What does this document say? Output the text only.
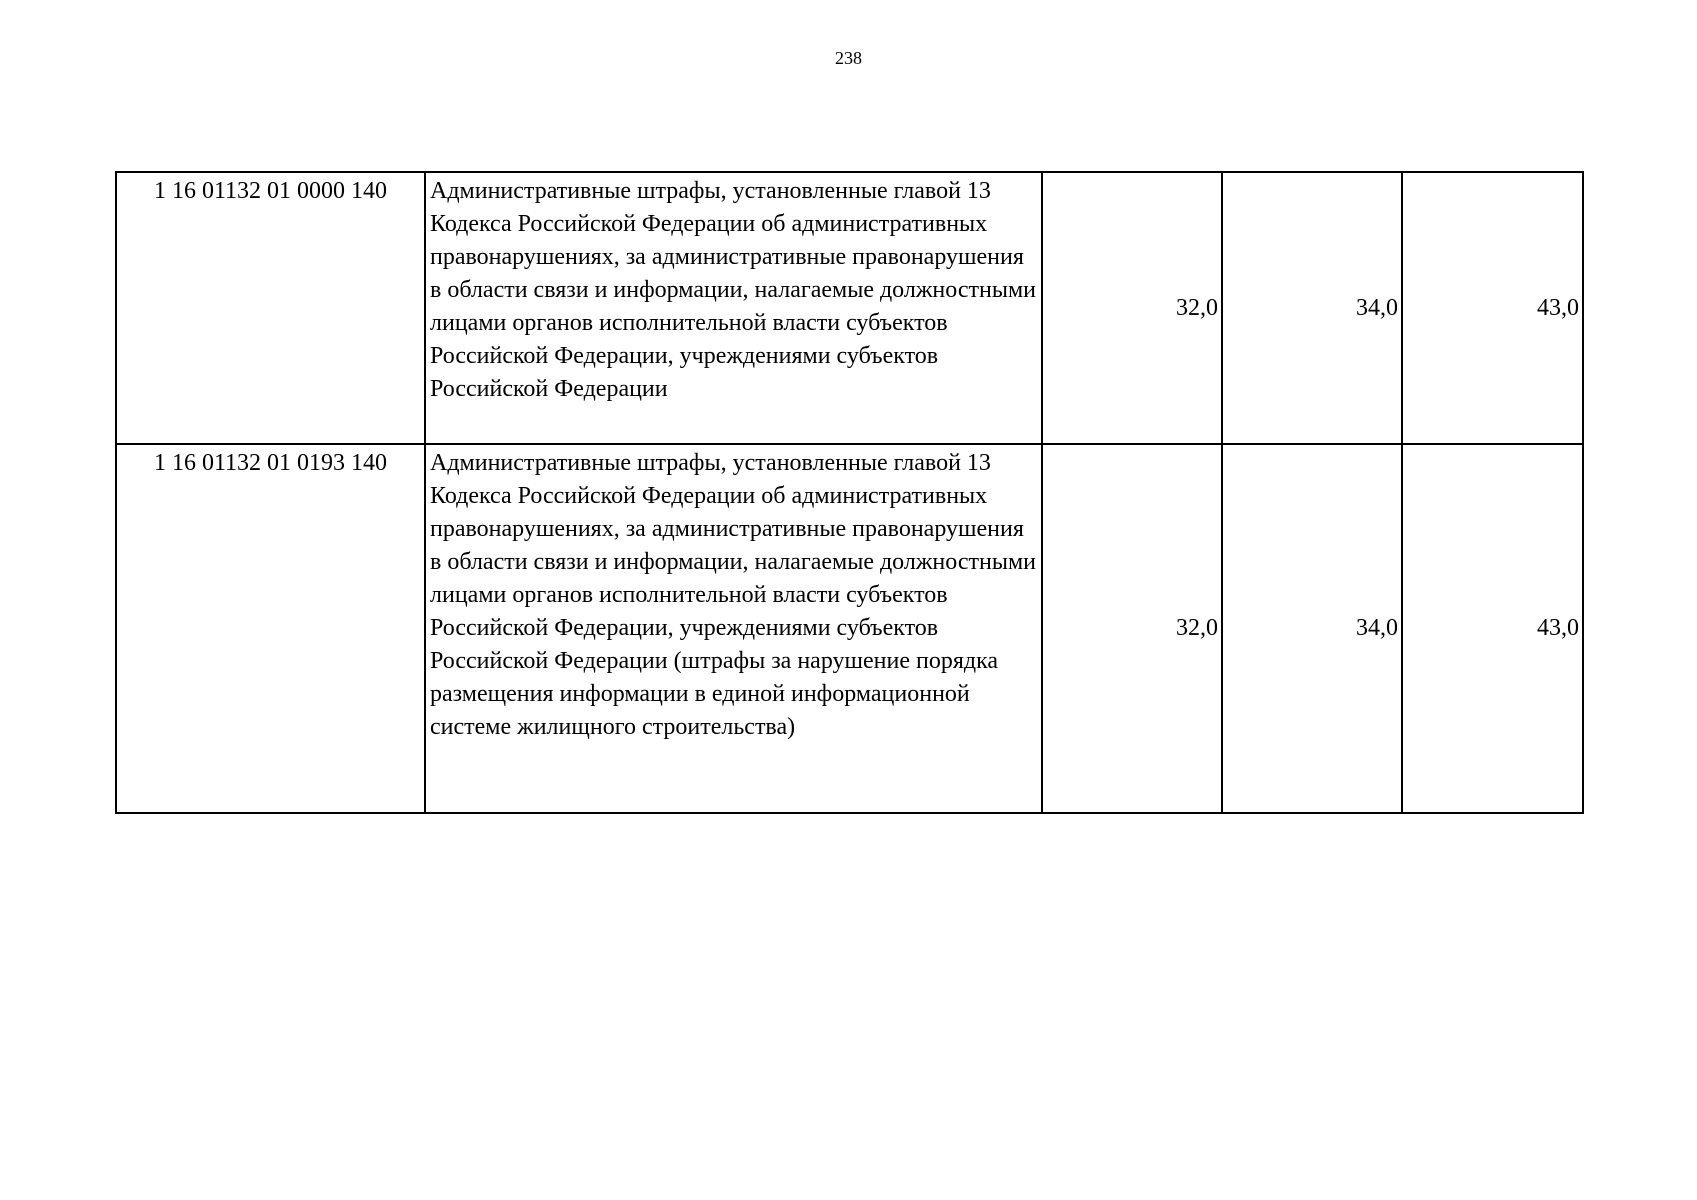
238
1 16 01132 01 0000 140	Административные штрафы, установленные главой 13 Кодекса Российской Федерации об административных правонарушениях, за административные правонарушения в области связи и информации, налагаемые должностными лицами органов исполнительной власти субъектов Российской Федерации, учреждениями субъектов Российской Федерации	32,0	34,0	43,0
1 16 01132 01 0193 140	Административные штрафы, установленные главой 13 Кодекса Российской Федерации об административных правонарушениях, за административные правонарушения в области связи и информации, налагаемые должностными лицами органов исполнительной власти субъектов Российской Федерации, учреждениями субъектов Российской Федерации (штрафы за нарушение порядка размещения информации в единой информационной системе жилищного строительства)	32,0	34,0	43,0
